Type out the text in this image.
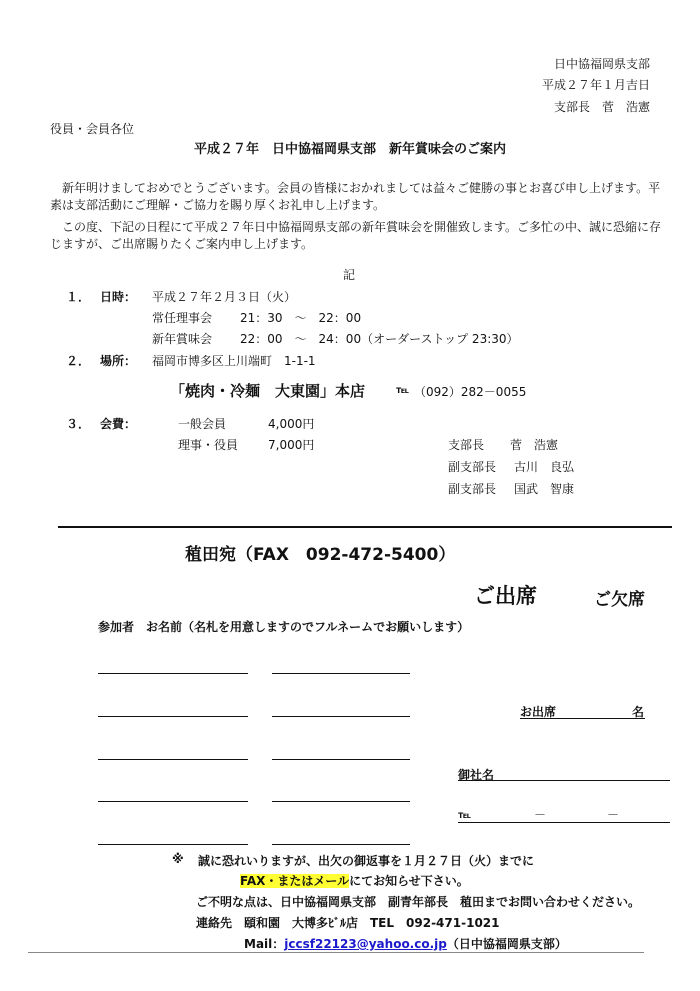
日中協福岡県支部
平成２７年１月吉日
支部長　菅　浩憲
役員・会員各位
平成２７年　日中協福岡県支部　新年賞味会のご案内
新年明けましておめでとうございます。会員の皆様におかれましては益々ご健勝の事とお喜び申し上げます。平素は支部活動にご理解・ご協力を賜り厚くお礼申し上げます。
この度、下記の日程にて平成２７年日中協福岡県支部の新年賞味会を開催致します。ご多忙の中、誠に恐縮に存じますが、ご出席賜りたくご案内申し上げます。
記
１． 日時： 平成２７年２月３日（火）
常任理事会 21：30　～　22：00
新年賞味会 22：00　～　24：00（オーダーストップ 23:30）
２． 場所： 福岡市博多区上川端町　1-1-1
「焼肉・冷麺　大東園」本店	℡ （092）282－0055
３． 会費：	一般会員	4,000円
理事・役員 7,000円	支部長 菅　浩憲
副支部長 古川　良弘
副支部長 国武　智康
稙田宛（FAX　092-472-5400）
ご出席	ご欠席
参加者　お名前（名札を用意しますのでフルネームでお願いします）
お出席	名
御社名
℡	－	－
※ 誠に恐れいりますが、出欠の御返事を１月２７日（火）までに
FAX・またはメールにてお知らせ下さい。
ご不明な点は、日中協福岡県支部　副青年部長　稙田までお問い合わせください。
連絡先 頤和園　大博多ﾋﾞﾙ店　TEL　092-471-1021
Mail：jccsf22123@yahoo.co.jp（日中協福岡県支部）
